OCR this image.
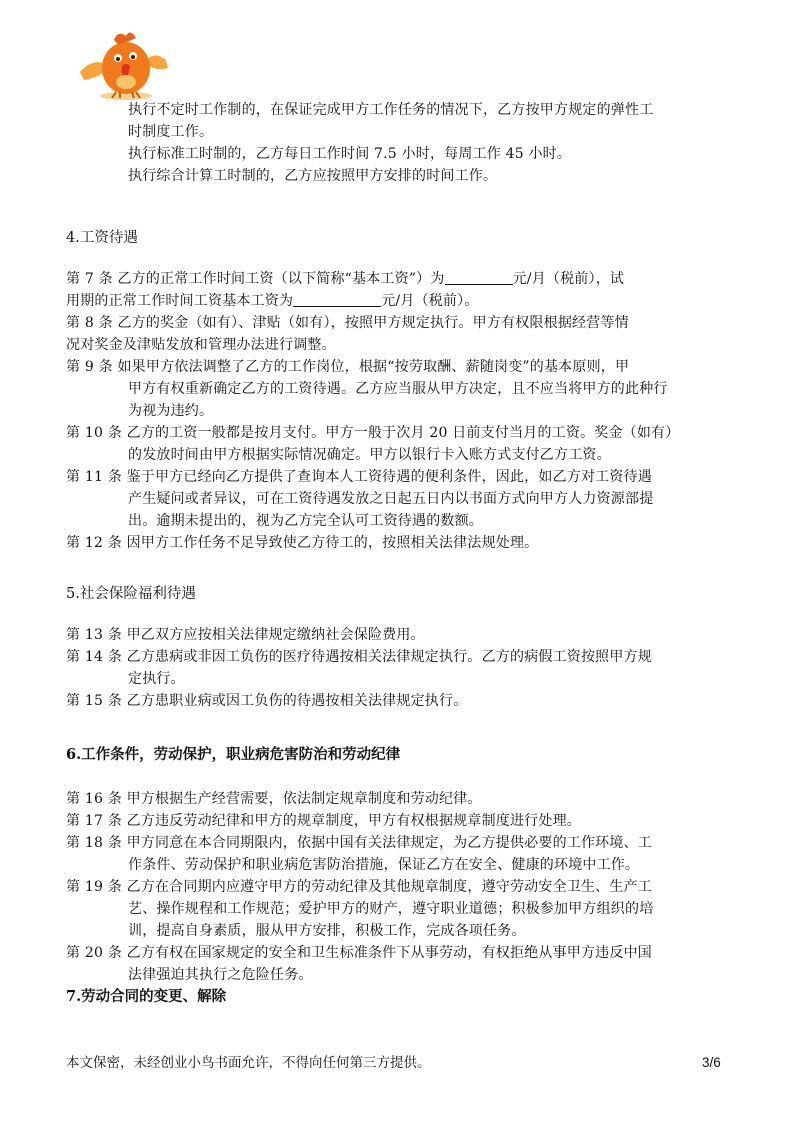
执行不定时工作制的，在保证完成甲方工作任务的情况下，乙方按甲方规定的弹性工
时制度工作。
执行标准工时制的，乙方每日工作时间 7.5 小时，每周工作 45 小时。
执行综合计算工时制的，乙方应按照甲方安排的时间工作。
4.工资待遇
第 7 条 乙方的正常工作时间工资（以下简称“基本工资”）为	元/月（税前），试
用期的正常工作时间工资基本工资为	元/月（税前）。
第 8 条 乙方的奖金（如有）、津贴（如有），按照甲方规定执行。甲方有权限根据经营等情
况对奖金及津贴发放和管理办法进行调整。
第 9 条 如果甲方依法调整了乙方的工作岗位，根据“按劳取酬、薪随岗变”的基本原则，甲
甲方有权重新确定乙方的工资待遇。乙方应当服从甲方决定，且不应当将甲方的此种行
为视为违约。
第 10 条 乙方的工资一般都是按月支付。甲方一般于次月 20 日前支付当月的工资。奖金（如有）
的发放时间由甲方根据实际情况确定。甲方以银行卡入账方式支付乙方工资。
第 11 条 鉴于甲方已经向乙方提供了查询本人工资待遇的便利条件，因此，如乙方对工资待遇
产生疑问或者异议，可在工资待遇发放之日起五日内以书面方式向甲方人力资源部提
出。逾期未提出的，视为乙方完全认可工资待遇的数额。
第 12 条 因甲方工作任务不足导致使乙方待工的，按照相关法律法规处理。
5.社会保险福利待遇
第 13 条 甲乙双方应按相关法律规定缴纳社会保险费用。
第 14 条 乙方患病或非因工负伤的医疗待遇按相关法律规定执行。乙方的病假工资按照甲方规
定执行。
第 15 条 乙方患职业病或因工负伤的待遇按相关法律规定执行。
6.工作条件，劳动保护，职业病危害防治和劳动纪律
第 16 条 甲方根据生产经营需要，依法制定规章制度和劳动纪律。
第 17 条 乙方违反劳动纪律和甲方的规章制度，甲方有权根据规章制度进行处理。
第 18 条 甲方同意在本合同期限内，依据中国有关法律规定，为乙方提供必要的工作环境、工
作条件、劳动保护和职业病危害防治措施，保证乙方在安全、健康的环境中工作。
第 19 条 乙方在合同期内应遵守甲方的劳动纪律及其他规章制度，遵守劳动安全卫生、生产工
艺、操作规程和工作规范；爱护甲方的财产，遵守职业道德；积极参加甲方组织的培
训，提高自身素质，服从甲方安排，积极工作，完成各项任务。
第 20 条 乙方有权在国家规定的安全和卫生标准条件下从事劳动，有权拒绝从事甲方违反中国
法律强迫其执行之危险任务。
7.劳动合同的变更、解除
本文保密，未经创业小鸟书面允许，不得向任何第三方提供。	3/6
